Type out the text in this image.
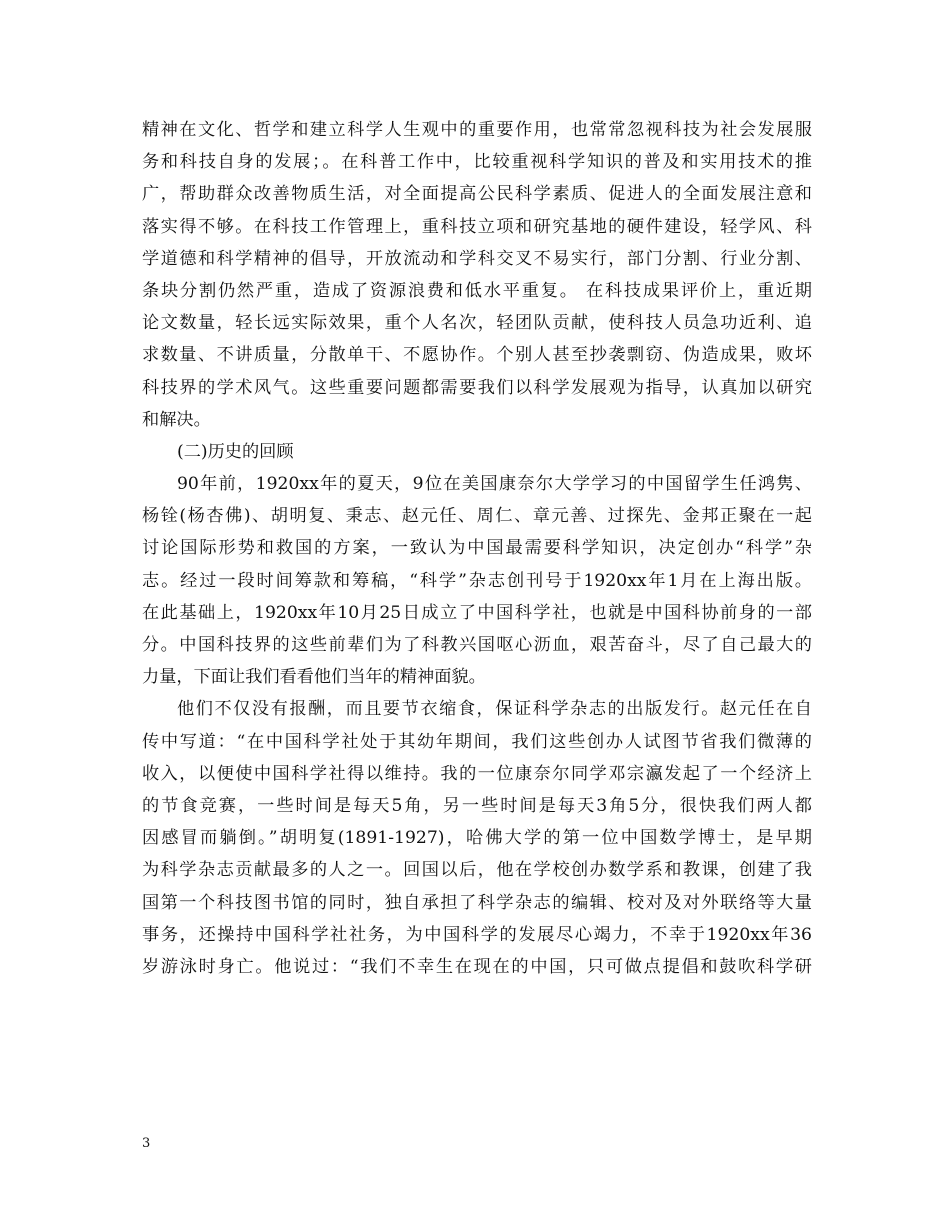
精神在文化、哲学和建立科学人生观中的重要作用，也常常忽视科技为社会发展服
务和科技自身的发展；。在科普工作中，比较重视科学知识的普及和实用技术的推
广，帮助群众改善物质生活，对全面提高公民科学素质、促进人的全面发展注意和
落实得不够。在科技工作管理上，重科技立项和研究基地的硬件建设，轻学风、科
学道德和科学精神的倡导，开放流动和学科交叉不易实行，部门分割、行业分割、
条块分割仍然严重，造成了资源浪费和低水平重复。 在科技成果评价上，重近期
论文数量，轻长远实际效果，重个人名次，轻团队贡献，使科技人员急功近利、追
求数量、不讲质量，分散单干、不愿协作。个别人甚至抄袭剽窃、伪造成果，败坏
科技界的学术风气。这些重要问题都需要我们以科学发展观为指导，认真加以研究
和解决。
(二)历史的回顾
90年前，1920xx年的夏天，9位在美国康奈尔大学学习的中国留学生任鸿隽、
杨铨(杨杏佛)、胡明复、秉志、赵元任、周仁、章元善、过探先、金邦正聚在一起
讨论国际形势和救国的方案，一致认为中国最需要科学知识，决定创办“科学”杂
志。经过一段时间筹款和筹稿，“科学”杂志创刊号于1920xx年1月在上海出版。
在此基础上，1920xx年10月25日成立了中国科学社，也就是中国科协前身的一部
分。中国科技界的这些前辈们为了科教兴国呕心沥血，艰苦奋斗，尽了自己最大的
力量，下面让我们看看他们当年的精神面貌。
他们不仅没有报酬，而且要节衣缩食，保证科学杂志的出版发行。赵元任在自
传中写道：“在中国科学社处于其幼年期间，我们这些创办人试图节省我们微薄的
收入，以便使中国科学社得以维持。我的一位康奈尔同学邓宗瀛发起了一个经济上
的节食竞赛，一些时间是每天5角，另一些时间是每天3角5分，很快我们两人都
因感冒而躺倒。”胡明复(1891-1927)，哈佛大学的第一位中国数学博士，是早期
为科学杂志贡献最多的人之一。回国以后，他在学校创办数学系和教课，创建了我
国第一个科技图书馆的同时，独自承担了科学杂志的编辑、校对及对外联络等大量
事务，还操持中国科学社社务，为中国科学的发展尽心竭力，不幸于1920xx年36
岁游泳时身亡。他说过：“我们不幸生在现在的中国，只可做点提倡和鼓吹科学研
3
